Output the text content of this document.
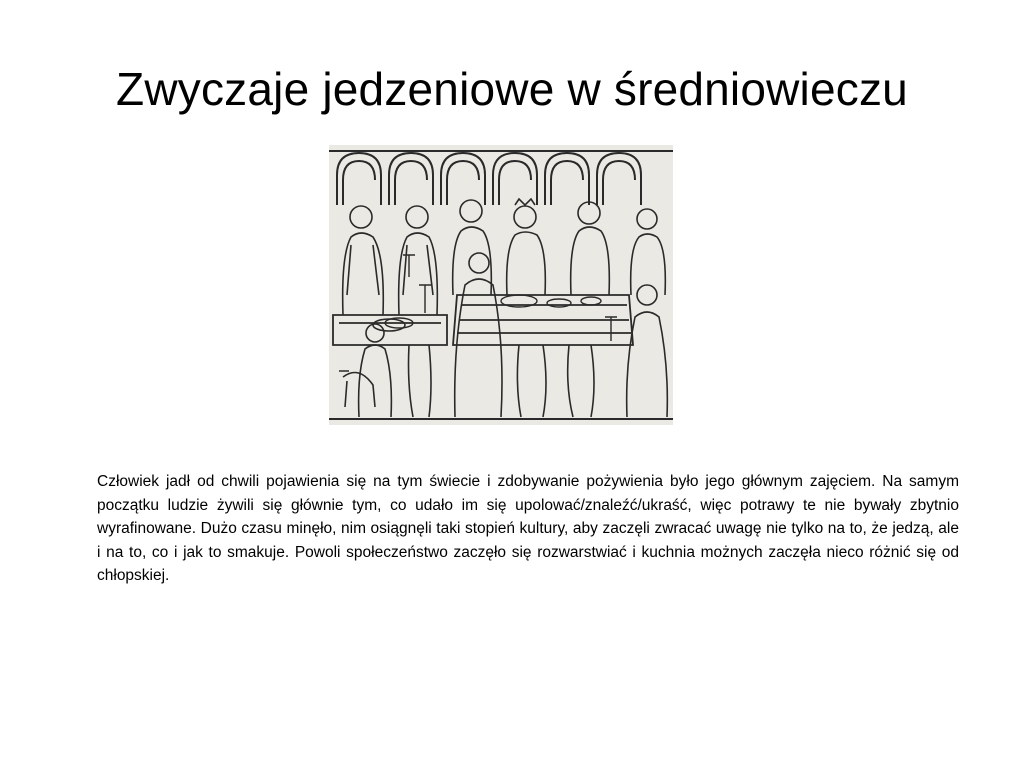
Zwyczaje jedzeniowe w średniowieczu

Człowiek jadł od chwili pojawienia się na tym świecie i zdobywanie pożywienia było jego głównym zajęciem. Na samym początku ludzie żywili się głównie tym, co udało im się upolować/znaleźć/ukraść, więc potrawy te nie bywały zbytnio wyrafinowane. Dużo czasu minęło, nim osiągnęli taki stopień kultury, aby zaczęli zwracać uwagę nie tylko na to, że jedzą, ale i na to, co i jak to smakuje. Powoli społeczeństwo zaczęło się rozwarstwiać i kuchnia możnych zaczęła nieco różnić się od chłopskiej.
